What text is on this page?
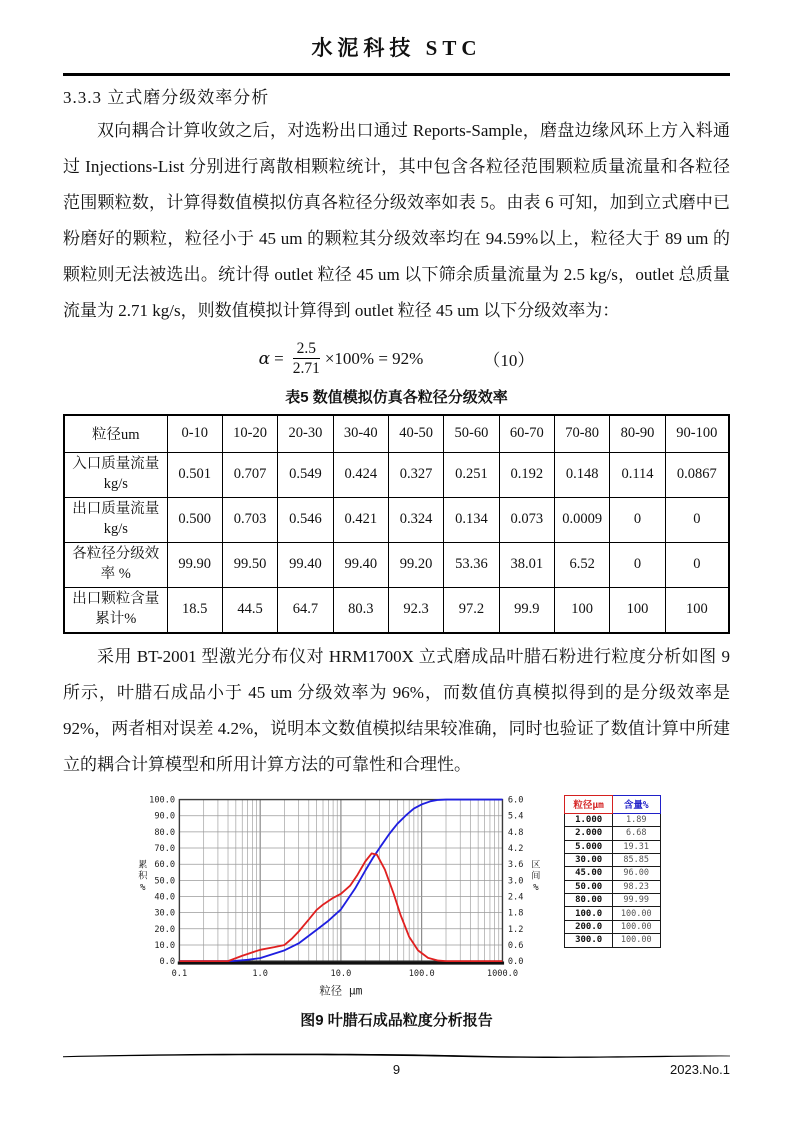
水泥科技 STC
3.3.3 立式磨分级效率分析

双向耦合计算收敛之后，对选粉出口通过 Reports-Sample，磨盘边缘风环上方入料通过 Injections-List 分别进行离散相颗粒统计，其中包含各粒径范围颗粒质量流量和各粒径范围颗粒数，计算得数值模拟仿真各粒径分级效率如表 5。由表 6 可知，加到立式磨中已粉磨好的颗粒，粒径小于 45 um 的颗粒其分级效率均在 94.59%以上，粒径大于 89 um 的颗粒则无法被选出。统计得 outlet 粒径 45 um 以下筛余质量流量为 2.5 kg/s，outlet 总质量流量为 2.71 kg/s，则数值模拟计算得到 outlet 粒径 45 um 以下分级效率为：

$\alpha = \frac{2.5}{2.71} \times 100\% = 92\%$	（10）
表5 数值模拟仿真各粒径分级效率
粒径um	0-10	10-20	20-30	30-40	40-50	50-60	60-70	70-80	80-90	90-100
入口质量流量
kg/s	0.501	0.707	0.549	0.424	0.327	0.251	0.192	0.148	0.114	0.0867
出口质量流量
kg/s	0.500	0.703	0.546	0.421	0.324	0.134	0.073	0.0009	0	0
各粒径分级效
率 %	99.90	99.50	99.40	99.40	99.20	53.36	38.01	6.52	0	0
出口颗粒含量
累计%	18.5	44.5	64.7	80.3	92.3	97.2	99.9	100	100	100

采用 BT-2001 型激光分布仪对 HRM1700X 立式磨成品叶腊石粉进行粒度分析如图 9 所示，叶腊石成品小于 45 um 分级效率为 96%，而数值仿真模拟得到的是分级效率是 92%，两者相对误差 4.2%，说明本文数值模拟结果较准确，同时也验证了数值计算中所建立的耦合计算模型和所用计算方法的可靠性和合理性。

0.0
10.0
20.0
30.0
40.0
50.0
60.0
70.0
80.0
90.0
100.0
0.0
0.6
1.2
1.8
2.4
3.0
3.6
4.2
4.8
5.4
6.0
0.1	1.0	10.0	100.0	1000.0
累
积
%
区
间
%
粒径 μm
粒径μm	含量%
1.000	1.89
2.000	6.68
5.000	19.31
30.00	85.85
45.00	96.00
50.00	98.23
80.00	99.99
100.0	100.00
200.0	100.00
300.0	100.00
图9 叶腊石成品粒度分析报告
9	2023.No.1
